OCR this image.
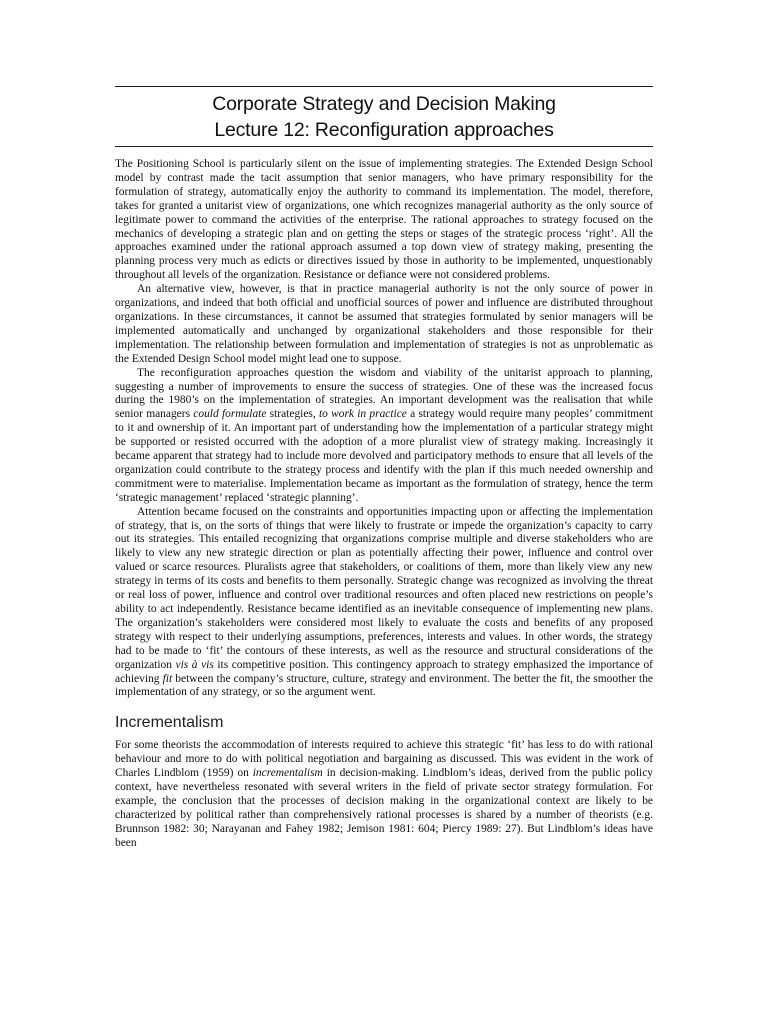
Corporate Strategy and Decision Making
Lecture 12: Reconfiguration approaches

The Positioning School is particularly silent on the issue of implementing strategies. The Extended Design School model by contrast made the tacit assumption that senior managers, who have primary responsibility for the formulation of strategy, automatically enjoy the authority to command its implementation. The model, therefore, takes for granted a unitarist view of organizations, one which recognizes managerial authority as the only source of legitimate power to command the activities of the enterprise. The rational approaches to strategy focused on the mechanics of developing a strategic plan and on getting the steps or stages of the strategic process ‘right’. All the approaches examined under the rational approach assumed a top down view of strategy making, presenting the planning process very much as edicts or directives issued by those in authority to be implemented, unquestionably throughout all levels of the organization. Resistance or defiance were not considered problems.

An alternative view, however, is that in practice managerial authority is not the only source of power in organizations, and indeed that both official and unofficial sources of power and influence are distributed throughout organizations. In these circumstances, it cannot be assumed that strategies formulated by senior managers will be implemented automatically and unchanged by organizational stakeholders and those responsible for their implementation. The relationship between formulation and implementation of strategies is not as unproblematic as the Extended Design School model might lead one to suppose.

The reconfiguration approaches question the wisdom and viability of the unitarist approach to planning, suggesting a number of improvements to ensure the success of strategies. One of these was the increased focus during the 1980’s on the implementation of strategies. An important development was the realisation that while senior managers could formulate strategies, to work in practice a strategy would require many peoples’ commitment to it and ownership of it. An important part of understanding how the implementation of a particular strategy might be supported or resisted occurred with the adoption of a more pluralist view of strategy making. Increasingly it became apparent that strategy had to include more devolved and participatory methods to ensure that all levels of the organization could contribute to the strategy process and identify with the plan if this much needed ownership and commitment were to materialise. Implementation became as important as the formulation of strategy, hence the term ‘strategic management’ replaced ‘strategic planning’.

Attention became focused on the constraints and opportunities impacting upon or affecting the implementation of strategy, that is, on the sorts of things that were likely to frustrate or impede the organization’s capacity to carry out its strategies. This entailed recognizing that organizations comprise multiple and diverse stakeholders who are likely to view any new strategic direction or plan as potentially affecting their power, influence and control over valued or scarce resources. Pluralists agree that stakeholders, or coalitions of them, more than likely view any new strategy in terms of its costs and benefits to them personally. Strategic change was recognized as involving the threat or real loss of power, influence and control over traditional resources and often placed new restrictions on people’s ability to act independently. Resistance became identified as an inevitable consequence of implementing new plans. The organization’s stakeholders were considered most likely to evaluate the costs and benefits of any proposed strategy with respect to their underlying assumptions, preferences, interests and values. In other words, the strategy had to be made to ‘fit’ the contours of these interests, as well as the resource and structural considerations of the organization vis à vis its competitive position. This contingency approach to strategy emphasized the importance of achieving fit between the company’s structure, culture, strategy and environment. The better the fit, the smoother the implementation of any strategy, or so the argument went.

Incrementalism

For some theorists the accommodation of interests required to achieve this strategic ‘fit’ has less to do with rational behaviour and more to do with political negotiation and bargaining as discussed. This was evident in the work of Charles Lindblom (1959) on incrementalism in decision-making. Lindblom’s ideas, derived from the public policy context, have nevertheless resonated with several writers in the field of private sector strategy formulation. For example, the conclusion that the processes of decision making in the organizational context are likely to be characterized by political rather than comprehensively rational processes is shared by a number of theorists (e.g. Brunnson 1982: 30; Narayanan and Fahey 1982; Jemison 1981: 604; Piercy 1989: 27). But Lindblom’s ideas have been
